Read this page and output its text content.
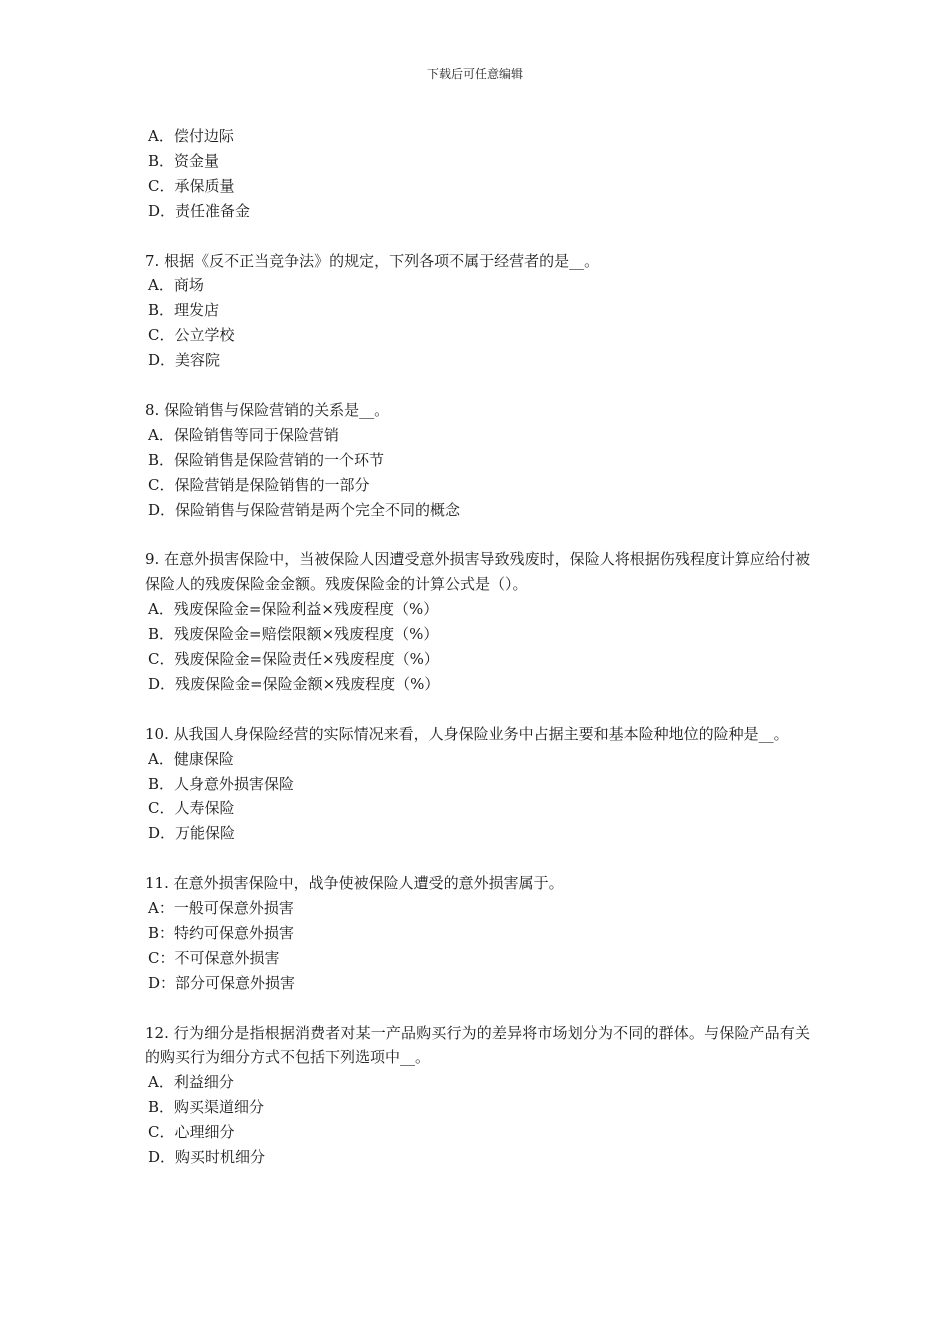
下载后可任意编辑
A．偿付边际
B．资金量
C．承保质量
D．责任准备金
7. 根据《反不正当竞争法》的规定，下列各项不属于经营者的是__。
A．商场
B．理发店
C．公立学校
D．美容院
8. 保险销售与保险营销的关系是__。
A．保险销售等同于保险营销
B．保险销售是保险营销的一个环节
C．保险营销是保险销售的一部分
D．保险销售与保险营销是两个完全不同的概念
9. 在意外损害保险中，当被保险人因遭受意外损害导致残废时，保险人将根据伤残程度计算应给付被保险人的残废保险金金额。残废保险金的计算公式是（）。
A．残废保险金=保险利益×残废程度（%）
B．残废保险金=赔偿限额×残废程度（%）
C．残废保险金=保险责任×残废程度（%）
D．残废保险金=保险金额×残废程度（%）
10. 从我国人身保险经营的实际情况来看，人身保险业务中占据主要和基本险种地位的险种是__。
A．健康保险
B．人身意外损害保险
C．人寿保险
D．万能保险
11. 在意外损害保险中，战争使被保险人遭受的意外损害属于。
A：一般可保意外损害
B：特约可保意外损害
C：不可保意外损害
D：部分可保意外损害
12. 行为细分是指根据消费者对某一产品购买行为的差异将市场划分为不同的群体。与保险产品有关的购买行为细分方式不包括下列选项中__。
A．利益细分
B．购买渠道细分
C．心理细分
D．购买时机细分
